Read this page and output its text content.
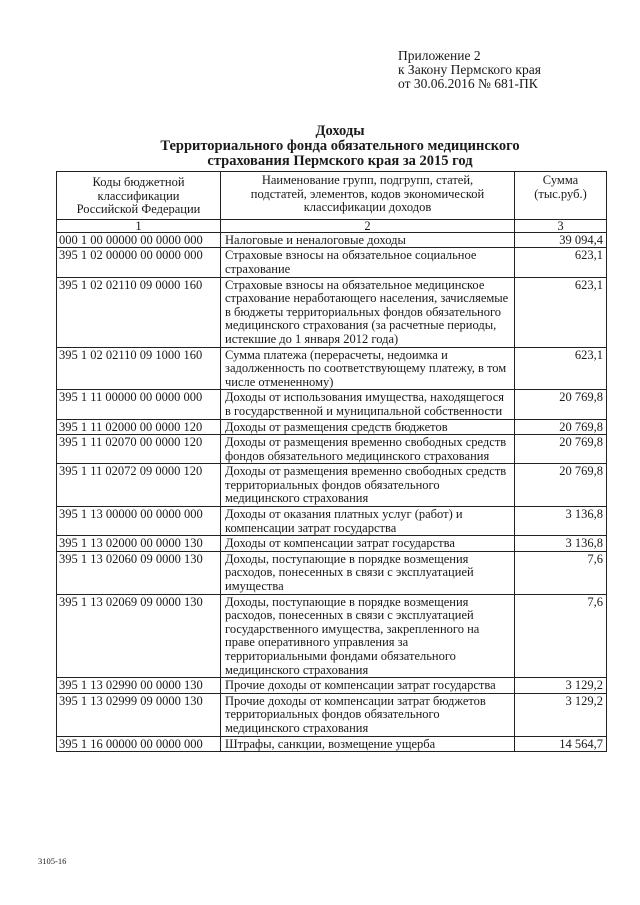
Приложение 2
к Закону Пермского края
от 30.06.2016 № 681-ПК
Доходы
Территориального фонда обязательного медицинского
страхования Пермского края за 2015 год
Коды бюджетной классификации Российской Федерации	Наименование групп, подгрупп, статей, подстатей, элементов, кодов экономической классификации доходов	Сумма (тыс.руб.)
1	2	3
000 1 00 00000 00 0000 000	Налоговые и неналоговые доходы	39 094,4
395 1 02 00000 00 0000 000	Страховые взносы на обязательное социальное страхование	623,1
395 1 02 02110 09 0000 160	Страховые взносы на обязательное медицинское страхование неработающего населения, зачисляемые в бюджеты территориальных фондов обязательного медицинского страхования (за расчетные периоды, истекшие до 1 января 2012 года)	623,1
395 1 02 02110 09 1000 160	Сумма платежа (перерасчеты, недоимка и задолженность по соответствующему платежу, в том числе отмененному)	623,1
395 1 11 00000 00 0000 000	Доходы от использования имущества, находящегося в государственной и муниципальной собственности	20 769,8
395 1 11 02000 00 0000 120	Доходы от размещения средств бюджетов	20 769,8
395 1 11 02070 00 0000 120	Доходы от размещения временно свободных средств фондов обязательного медицинского страхования	20 769,8
395 1 11 02072 09 0000 120	Доходы от размещения временно свободных средств территориальных фондов обязательного медицинского страхования	20 769,8
395 1 13 00000 00 0000 000	Доходы от оказания платных услуг (работ) и компенсации затрат государства	3 136,8
395 1 13 02000 00 0000 130	Доходы от компенсации затрат государства	3 136,8
395 1 13 02060 09 0000 130	Доходы, поступающие в порядке возмещения расходов, понесенных в связи с эксплуатацией имущества	7,6
395 1 13 02069 09 0000 130	Доходы, поступающие в порядке возмещения расходов, понесенных в связи с эксплуатацией государственного имущества, закрепленного на праве оперативного управления за территориальными фондами обязательного медицинского страхования	7,6
395 1 13 02990 00 0000 130	Прочие доходы от компенсации затрат государства	3 129,2
395 1 13 02999 09 0000 130	Прочие доходы от компенсации затрат бюджетов территориальных фондов обязательного медицинского страхования	3 129,2
395 1 16 00000 00 0000 000	Штрафы, санкции, возмещение ущерба	14 564,7
3105-16
